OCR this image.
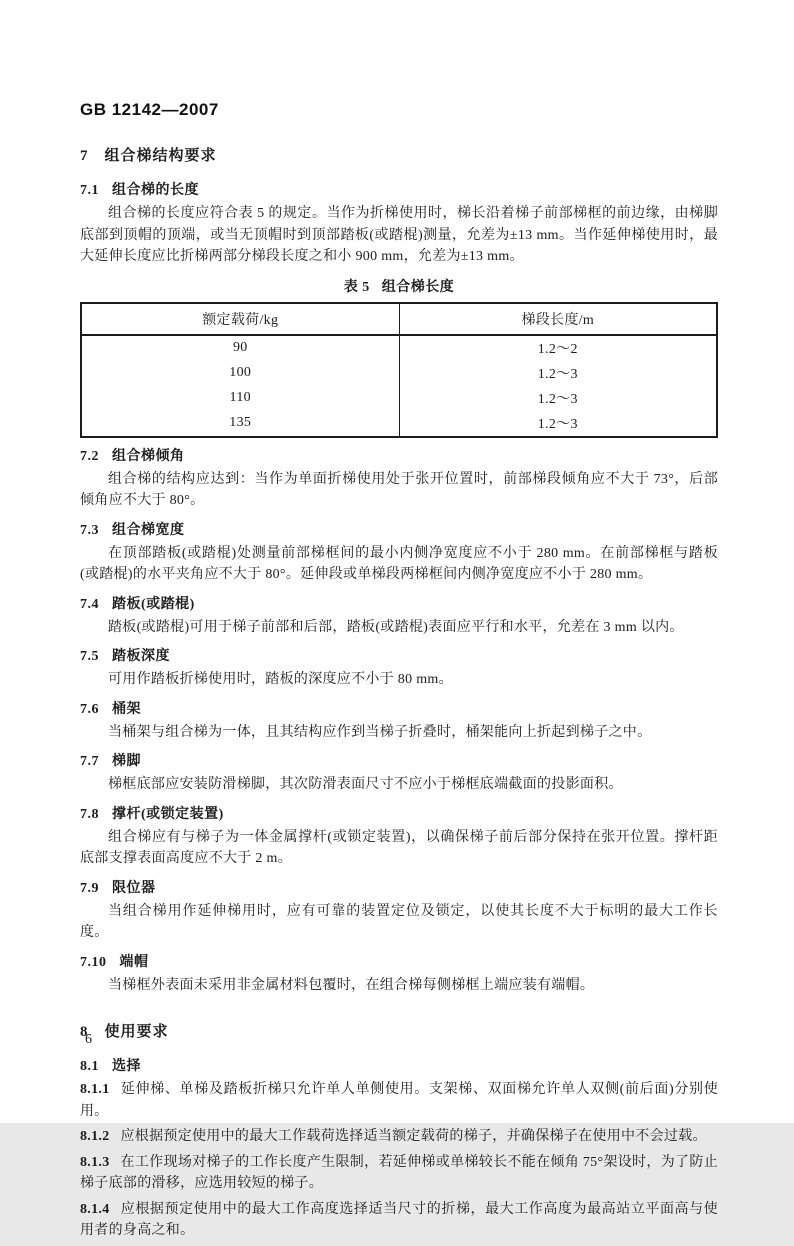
GB 12142—2007
7 组合梯结构要求
7.1 组合梯的长度

组合梯的长度应符合表 5 的规定。当作为折梯使用时，梯长沿着梯子前部梯框的前边缘，由梯脚底部到顶帽的顶端，或当无顶帽时到顶部踏板(或踏棍)测量，允差为±13 mm。当作延伸梯使用时，最大延伸长度应比折梯两部分梯段长度之和小 900 mm，允差为±13 mm。

表 5 组合梯长度
额定载荷/kg	梯段长度/m
90	1.2～2
100	1.2～3
110	1.2～3
135	1.2～3
7.2 组合梯倾角

组合梯的结构应达到：当作为单面折梯使用处于张开位置时，前部梯段倾角应不大于 73°，后部倾角应不大于 80°。

7.3 组合梯宽度

在顶部踏板(或踏棍)处测量前部梯框间的最小内侧净宽度应不小于 280 mm。在前部梯框与踏板(或踏棍)的水平夹角应不大于 80°。延伸段或单梯段两梯框间内侧净宽度应不小于 280 mm。

7.4 踏板(或踏棍)

踏板(或踏棍)可用于梯子前部和后部，踏板(或踏棍)表面应平行和水平，允差在 3 mm 以内。

7.5 踏板深度

可用作踏板折梯使用时，踏板的深度应不小于 80 mm。

7.6 桶架

当桶架与组合梯为一体，且其结构应作到当梯子折叠时，桶架能向上折起到梯子之中。

7.7 梯脚

梯框底部应安装防滑梯脚，其次防滑表面尺寸不应小于梯框底端截面的投影面积。

7.8 撑杆(或锁定装置)

组合梯应有与梯子为一体金属撑杆(或锁定装置)，以确保梯子前后部分保持在张开位置。撑杆距底部支撑表面高度应不大于 2 m。

7.9 限位器

当组合梯用作延伸梯用时，应有可靠的装置定位及锁定，以使其长度不大于标明的最大工作长度。

7.10 端帽

当梯框外表面未采用非金属材料包覆时，在组合梯每侧梯框上端应装有端帽。

8 使用要求
8.1 选择

8.1.1 延伸梯、单梯及踏板折梯只允许单人单侧使用。支架梯、双面梯允许单人双侧(前后面)分别使用。

8.1.2 应根据预定使用中的最大工作载荷选择适当额定载荷的梯子，并确保梯子在使用中不会过载。

8.1.3 在工作现场对梯子的工作长度产生限制，若延伸梯或单梯较长不能在倾角 75°架设时，为了防止梯子底部的滑移，应选用较短的梯子。

8.1.4 应根据预定使用中的最大工作高度选择适当尺寸的折梯，最大工作高度为最高站立平面高与使用者的身高之和。

6
